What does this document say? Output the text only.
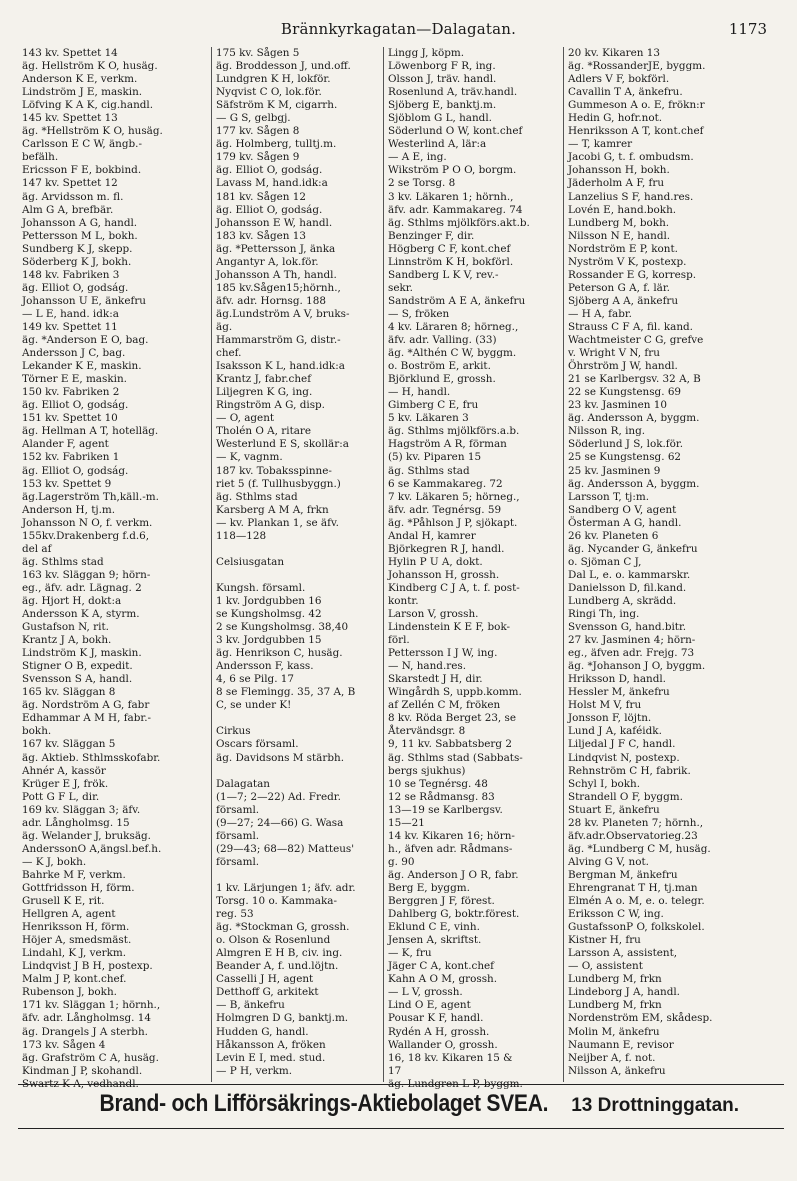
Brännkyrkagatan—Dalagatan.	1173
143 kv. Spettet 14
äg. Hellström K O, husäg.
Anderson K E, verkm.
Lindström J E, maskin.
Löfving K A K, cig.handl.
145 kv. Spettet 13
äg. *Hellström K O, husäg.
Carlsson E C W, ängb.-
befälh.
Ericsson F E, bokbind.
147 kv. Spettet 12
äg. Arvidsson m. fl.
Alm G A, brefbär.
Johansson A G, handl.
Pettersson M L, bokh.
Sundberg K J, skepp.
Söderberg K J, bokh.
148 kv. Fabriken 3
äg. Elliot O, godság.
Johansson U E, änkefru
— L E, hand. idk:a
149 kv. Spettet 11
äg. *Anderson E O, bag.
Andersson J C, bag.
Lekander K E, maskin.
Törner E E, maskin.
150 kv. Fabriken 2
äg. Elliot O, godság.
151 kv. Spettet 10
äg. Hellman A T, hotelläg.
Alander F, agent
152 kv. Fabriken 1
äg. Elliot O, godság.
153 kv. Spettet 9
äg.Lagerström Th,käll.-m.
Anderson H, tj.m.
Johansson N O, f. verkm.
155kv.Drakenberg f.d.6,
del af
äg. Sthlms stad
163 kv. Släggan 9; hörn-
eg., äfv. adr. Lägnag. 2
äg. Hjort H, dokt:a
Andersson K A, styrm.
Gustafson N, rit.
Krantz J A, bokh.
Lindström K J, maskin.
Stigner O B, expedit.
Svensson S A, handl.
165 kv. Släggan 8
äg. Nordström A G, fabr
Edhammar A M H, fabr.-
bokh.
167 kv. Släggan 5
äg. Aktieb. Sthlmsskofabr.
Ahnér A, kassör
Krüger E J, frök.
Pott G F L, dir.
169 kv. Släggan 3; äfv.
adr. Långholmsg. 15
äg. Welander J, bruksäg.
AnderssonO A,ängsl.bef.h.
— K J, bokh.
Bahrke M F, verkm.
Gottfridsson H, förm.
Grusell K E, rit.
Hellgren A, agent
Henriksson H, förm.
Höjer A, smedsmäst.
Lindahl, K J, verkm.
Lindqvist J B H, postexp.
Malm J P, kont.chef.
Rubenson J, bokh.
171 kv. Släggan 1; hörnh.,
äfv. adr. Långholmsg. 14
äg. Drangels J A sterbh.
173 kv. Sågen 4
äg. Grafström C A, husäg.
Kindman J P, skohandl.
Swartz K A, vedhandl.
175 kv. Sågen 5
äg. Broddesson J, und.off.
Lundgren K H, lokför.
Nyqvist C O, lok.för.
Säfström K M, cigarrh.
— G S, gelbgj.
177 kv. Sågen 8
äg. Holmberg, tulltj.m.
179 kv. Sågen 9
äg. Elliot O, godság.
Lavass M, hand.idk:a
181 kv. Sågen 12
äg. Elliot O, godság.
Johansson E W, handl.
183 kv. Sågen 13
äg. *Pettersson J, änka
Angantyr A, lok.för.
Johansson A Th, handl.
185 kv.Sågen15;hörnh.,
äfv. adr. Hornsg. 188
äg.Lundström A V, bruks-
äg.
Hammarström G, distr.-
chef.
Isaksson K L, hand.idk:a
Krantz J, fabr.chef
Liljegren K G, ing.
Ringström A G, disp.
— O, agent
Tholén O A, ritare
Westerlund E S, skollär:a
— K, vagnm.
187 kv. Tobaksspinne-
riet 5 (f. Tullhusbyggn.)
äg. Sthlms stad
Karsberg A M A, frkn
— kv. Plankan 1, se äfv.
118—128

Celsiusgatan

Kungsh. församl.
1 kv. Jordgubben 16
se Kungsholmsg. 42
2 se Kungsholmsg. 38,40
3 kv. Jordgubben 15
äg. Henrikson C, husäg.
Andersson F, kass.
4, 6 se Pilg. 17
8 se Flemingg. 35, 37 A, B
C, se under K!

Cirkus
Oscars församl.
äg. Davidsons M stärbh.

Dalagatan
(1—7; 2—22) Ad. Fredr.
församl.
(9—27; 24—66) G. Wasa
församl.
(29—43; 68—82) Matteus'
församl.

1 kv. Lärjungen 1; äfv. adr.
Torsg. 10 o. Kammaka-
reg. 53
äg. *Stockman G, grossh.
o. Olson & Rosenlund
Almgren E H B, civ. ing.
Beander A, f. und.löjtn.
Casselli J H, agent
Detthoff G, arkitekt
— B, änkefru
Holmgren D G, banktj.m.
Hudden G, handl.
Håkansson A, fröken
Levin E I, med. stud.
— P H, verkm.
Lingg J, köpm.
Löwenborg F R, ing.
Olsson J, träv. handl.
Rosenlund A, träv.handl.
Sjöberg E, banktj.m.
Sjöblom G L, handl.
Söderlund O W, kont.chef
Westerlind A, lär:a
— A E, ing.
Wikström P O O, borgm.
2 se Torsg. 8
3 kv. Läkaren 1; hörnh.,
äfv. adr. Kammakareg. 74
äg. Sthlms mjölkförs.akt.b.
Benzinger F, dir.
Högberg C F, kont.chef
Linnström K H, bokförl.
Sandberg L K V, rev.-
sekr.
Sandström A E A, änkefru
— S, fröken
4 kv. Läraren 8; hörneg.,
äfv. adr. Valling. (33)
äg. *Althén C W, byggm.
o. Boström E, arkit.
Björklund E, grossh.
— H, handl.
Gimberg C E, fru
5 kv. Läkaren 3
äg. Sthlms mjölkförs.a.b.
Hagström A R, förman
(5) kv. Piparen 15
äg. Sthlms stad
6 se Kammakareg. 72
7 kv. Läkaren 5; hörneg.,
äfv. adr. Tegnérsg. 59
äg. *Påhlson J P, sjökapt.
Andal H, kamrer
Björkegren R J, handl.
Hylin P U A, dokt.
Johansson H, grossh.
Kindberg C J A, t. f. post-
kontr.
Larson V, grossh.
Lindenstein K E F, bok-
förl.
Pettersson I J W, ing.
— N, hand.res.
Skarstedt J H, dir.
Wingårdh S, uppb.komm.
af Zellén C M, fröken
8 kv. Röda Berget 23, se
Återvändsgr. 8
9, 11 kv. Sabbatsberg 2
äg. Sthlms stad (Sabbats-
bergs sjukhus)
10 se Tegnérsg. 48
12 se Rådmansg. 83
13—19 se Karlbergsv.
15—21
14 kv. Kikaren 16; hörn-
h., äfven adr. Rådmans-
g. 90
äg. Anderson J O R, fabr.
Berg E, byggm.
Berggren J F, förest.
Dahlberg G, boktr.förest.
Eklund C E, vinh.
Jensen A, skriftst.
— K, fru
Jäger C A, kont.chef
Kahn A O M, grossh.
— L V, grossh.
Lind O E, agent
Pousar K F, handl.
Rydén A H, grossh.
Wallander O, grossh.
16, 18 kv. Kikaren 15 &
17
äg. Lundgren L P, byggm.
20 kv. Kikaren 13
äg. *RossanderJE, byggm.
Adlers V F, bokförl.
Cavallin T A, änkefru.
Gummeson A o. E, frökn:r
Hedin G, hofr.not.
Henriksson A T, kont.chef
— T, kamrer
Jacobi G, t. f. ombudsm.
Johansson H, bokh.
Jäderholm A F, fru
Lanzelius S F, hand.res.
Lovén E, hand.bokh.
Lundberg M, bokh.
Nilsson N E, handl.
Nordström E P, kont.
Nyström V K, postexp.
Rossander E G, korresp.
Peterson G A, f. lär.
Sjöberg A A, änkefru
— H A, fabr.
Strauss C F A, fil. kand.
Wachtmeister C G, grefve
v. Wright V N, fru
Öhrström J W, handl.
21 se Karlbergsv. 32 A, B
22 se Kungstensg. 69
23 kv. Jasminen 10
äg. Andersson A, byggm.
Nilsson R, ing.
Söderlund J S, lok.för.
25 se Kungstensg. 62
25 kv. Jasminen 9
äg. Andersson A, byggm.
Larsson T, tj:m.
Sandberg O V, agent
Österman A G, handl.
26 kv. Planeten 6
äg. Nycander G, änkefru
o. Sjöman C J,
Dal L, e. o. kammarskr.
Danielsson D, fil.kand.
Lundberg A, skrädd.
Ringi Th, ing.
Svensson G, hand.bitr.
27 kv. Jasminen 4; hörn-
eg., äfven adr. Frejg. 73
äg. *Johanson J O, byggm.
Hriksson D, handl.
Hessler M, änkefru
Holst M V, fru
Jonsson F, löjtn.
Lund J A, kaféidk.
Liljedal J F C, handl.
Lindqvist N, postexp.
Rehnström C H, fabrik.
Schyl I, bokh.
Strandell O F, byggm.
Stuart E, änkefru
28 kv. Planeten 7; hörnh.,
äfv.adr.Observatorieg.23
äg. *Lundberg C M, husäg.
Alving G V, not.
Bergman M, änkefru
Ehrengranat T H, tj.man
Elmén A o. M, e. o. telegr.
Eriksson C W, ing.
GustafssonP O, folkskolel.
Kistner H, fru
Larsson A, assistent,
— O, assistent
Lundberg M, frkn
Lindeborg J A, handl.
Lundberg M, frkn
Nordenström EM, skådesp.
Molin M, änkefru
Naumann E, revisor
Neijber A, f. not.
Nilsson A, änkefru
Brand- och Lifförsäkrings-Aktiebolaget SVEA. 13 Drottninggatan.
